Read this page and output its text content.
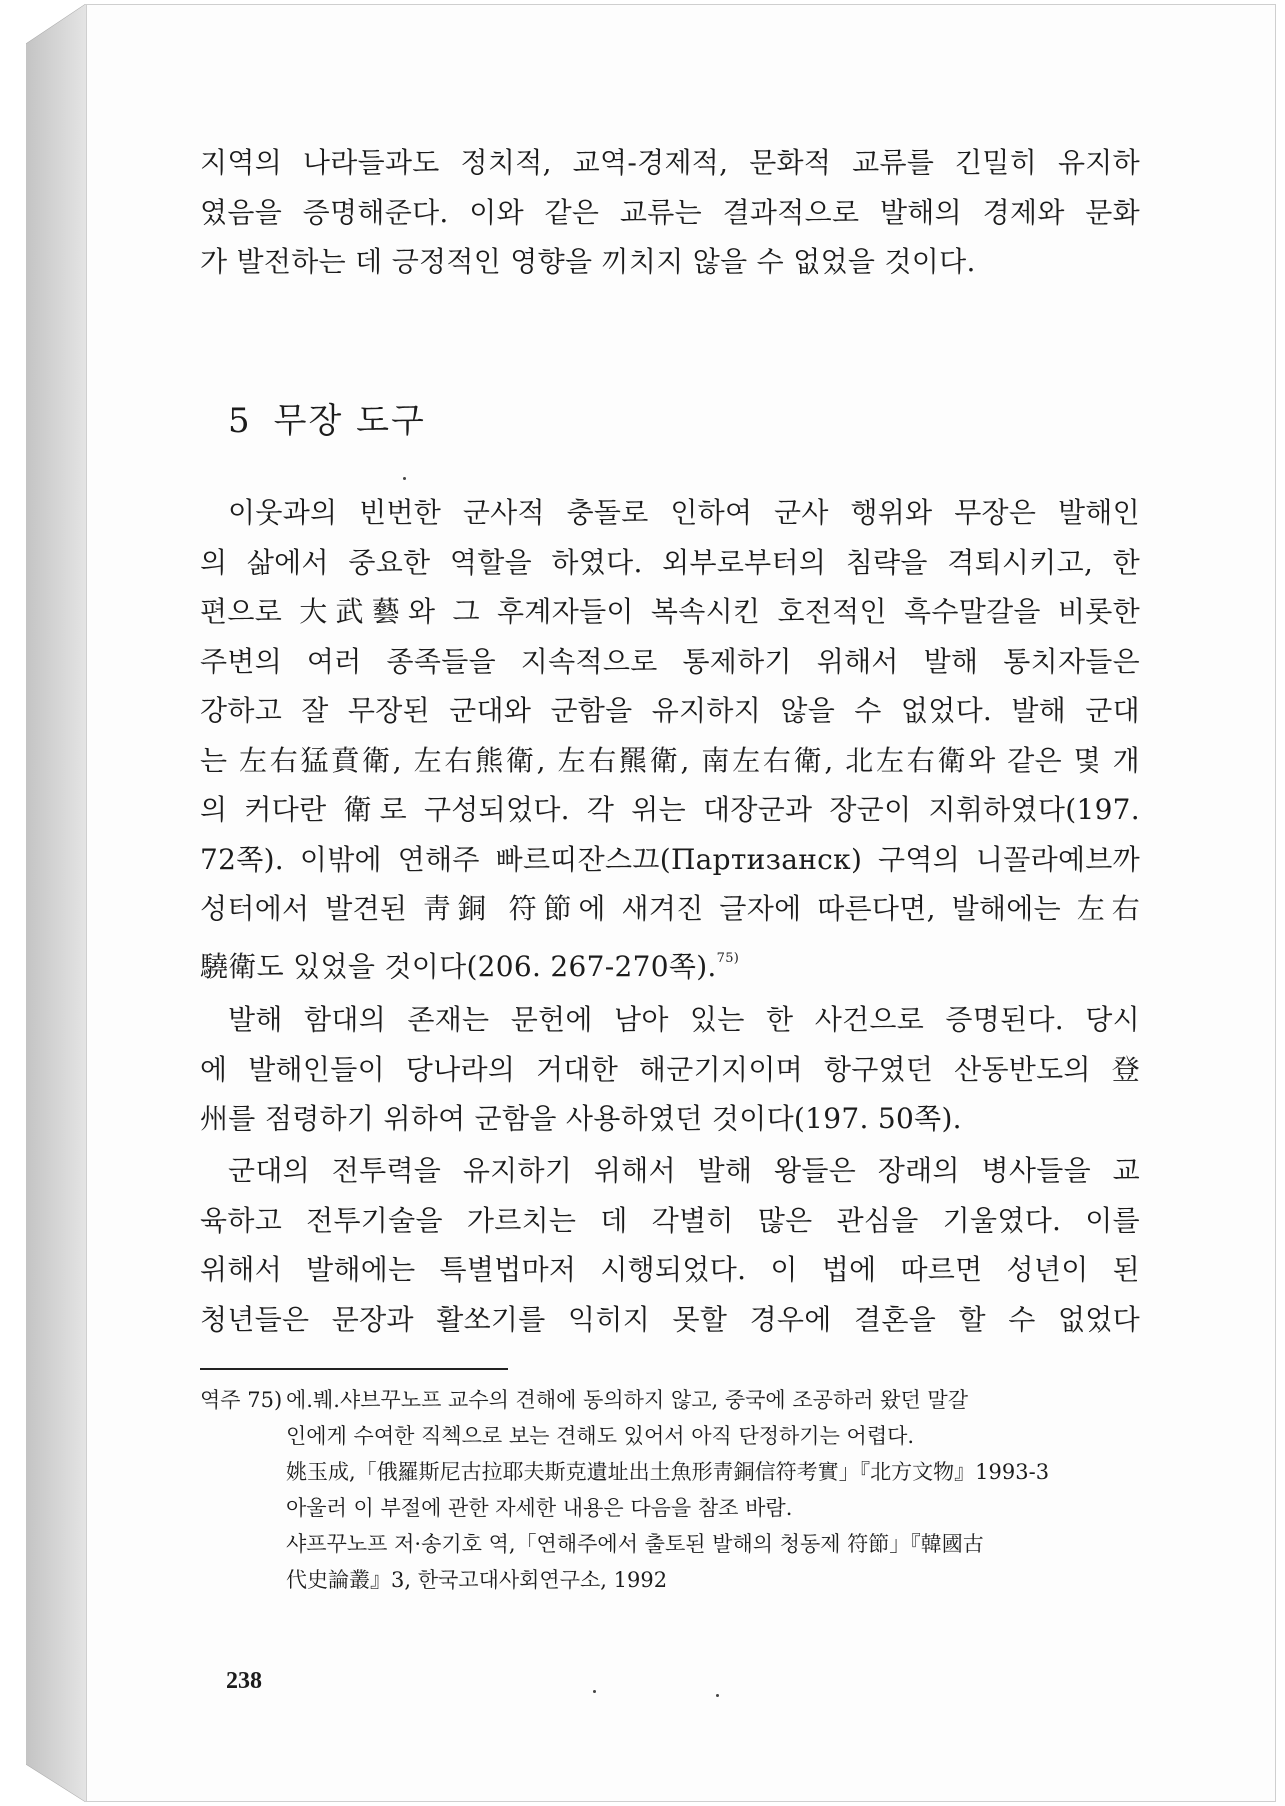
지역의 나라들과도 정치적, 교역-경제적, 문화적 교류를 긴밀히 유지하

였음을 증명해준다. 이와 같은 교류는 결과적으로 발해의 경제와 문화

가 발전하는 데 긍정적인 영향을 끼치지 않을 수 없었을 것이다.

5 무장 도구

이웃과의 빈번한 군사적 충돌로 인하여 군사 행위와 무장은 발해인

의 삶에서 중요한 역할을 하였다. 외부로부터의 침략을 격퇴시키고, 한

편으로 大武藝와 그 후계자들이 복속시킨 호전적인 흑수말갈을 비롯한

주변의 여러 종족들을 지속적으로 통제하기 위해서 발해 통치자들은

강하고 잘 무장된 군대와 군함을 유지하지 않을 수 없었다. 발해 군대

는 左右猛賁衛, 左右熊衛, 左右羆衛, 南左右衛, 北左右衛와 같은 몇 개

의 커다란 衛로 구성되었다. 각 위는 대장군과 장군이 지휘하였다(197.

72쪽). 이밖에 연해주 빠르띠잔스끄(Партизанск) 구역의 니꼴라예브까

성터에서 발견된 靑銅 符節에 새겨진 글자에 따른다면, 발해에는 左右

驍衛도 있었을 것이다(206. 267-270쪽).$^{75)}$

발해 함대의 존재는 문헌에 남아 있는 한 사건으로 증명된다. 당시

에 발해인들이 당나라의 거대한 해군기지이며 항구였던 산동반도의 登

州를 점령하기 위하여 군함을 사용하였던 것이다(197. 50쪽).

군대의 전투력을 유지하기 위해서 발해 왕들은 장래의 병사들을 교

육하고 전투기술을 가르치는 데 각별히 많은 관심을 기울였다. 이를

위해서 발해에는 특별법마저 시행되었다. 이 법에 따르면 성년이 된

청년들은 문장과 활쏘기를 익히지 못할 경우에 결혼을 할 수 없었다

역주 75) 에.붸.샤브꾸노프 교수의 견해에 동의하지 않고, 중국에 조공하러 왔던 말갈
인에게 수여한 직첵으로 보는 견해도 있어서 아직 단정하기는 어렵다.
姚玉成,「俄羅斯尼古拉耶夫斯克遺址出土魚形靑銅信符考實」『北方文物』1993-3
아울러 이 부절에 관한 자세한 내용은 다음을 참조 바람.
샤프꾸노프 저·송기호 역,「연해주에서 출토된 발해의 청동제 符節」『韓國古
代史論叢』3, 한국고대사회연구소, 1992
238
